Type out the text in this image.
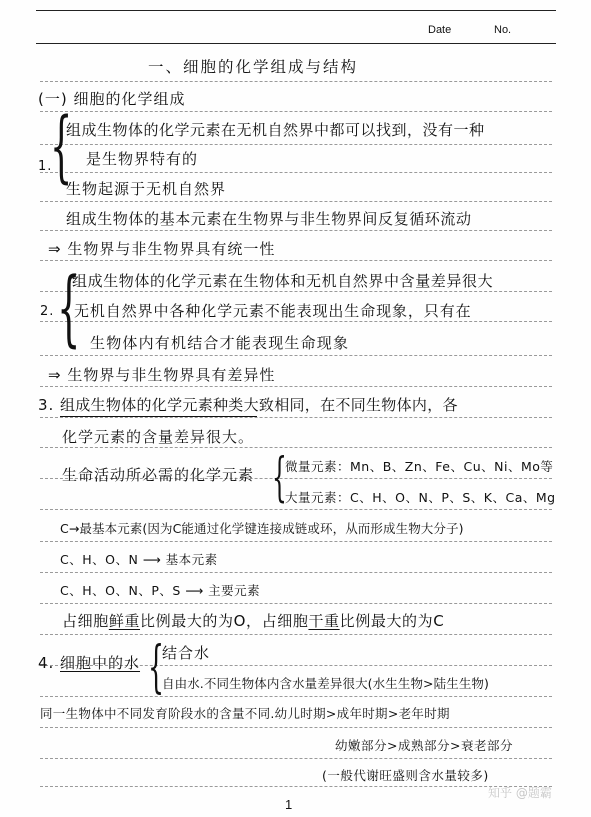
Date	No.
一、细胞的化学组成与结构
(一) 细胞的化学组成
1.
{
组成生物体的化学元素在无机自然界中都可以找到，没有一种
是生物界特有的
生物起源于无机自然界
组成生物体的基本元素在生物界与非生物界间反复循环流动
⇒ 生物界与非生物界具有统一性
2. {
组成生物体的化学元素在生物体和无机自然界中含量差异很大
无机自然界中各种化学元素不能表现出生命现象，只有在
生物体内有机结合才能表现生命现象
⇒ 生物界与非生物界具有差异性
3. 组成生物体的化学元素种类大致相同，在不同生物体内，各
化学元素的含量差异很大。
生命活动所必需的化学元素 {
微量元素：Mn、B、Zn、Fe、Cu、Ni、Mo等
大量元素：C、H、O、N、P、S、K、Ca、Mg
C→最基本元素(因为C能通过化学键连接成链或环，从而形成生物大分子)
C、H、O、N ⟶ 基本元素
C、H、O、N、P、S ⟶ 主要元素
占细胞鲜重比例最大的为O，占细胞干重比例最大的为C
4. 细胞中的水 {
结合水
自由水.不同生物体内含水量差异很大(水生生物>陆生生物)
同一生物体中不同发育阶段水的含量不同.幼儿时期>成年时期>老年时期
幼嫩部分>成熟部分>衰老部分
(一般代谢旺盛则含水量较多)
1
知乎 @题霸
